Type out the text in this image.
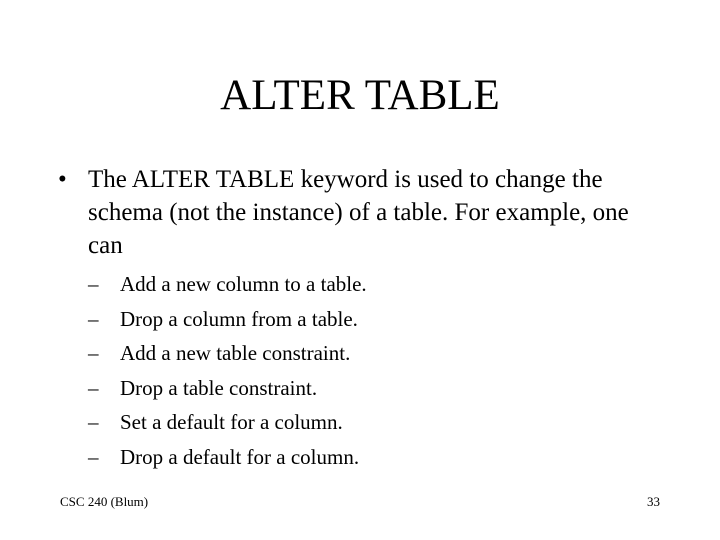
ALTER TABLE
• The ALTER TABLE keyword is used to change the schema (not the instance) of a table. For example, one can
– Add a new column to a table.
– Drop a column from a table.
– Add a new table constraint.
– Drop a table constraint.
– Set a default for a column.
– Drop a default for a column.
CSC 240 (Blum)	33
